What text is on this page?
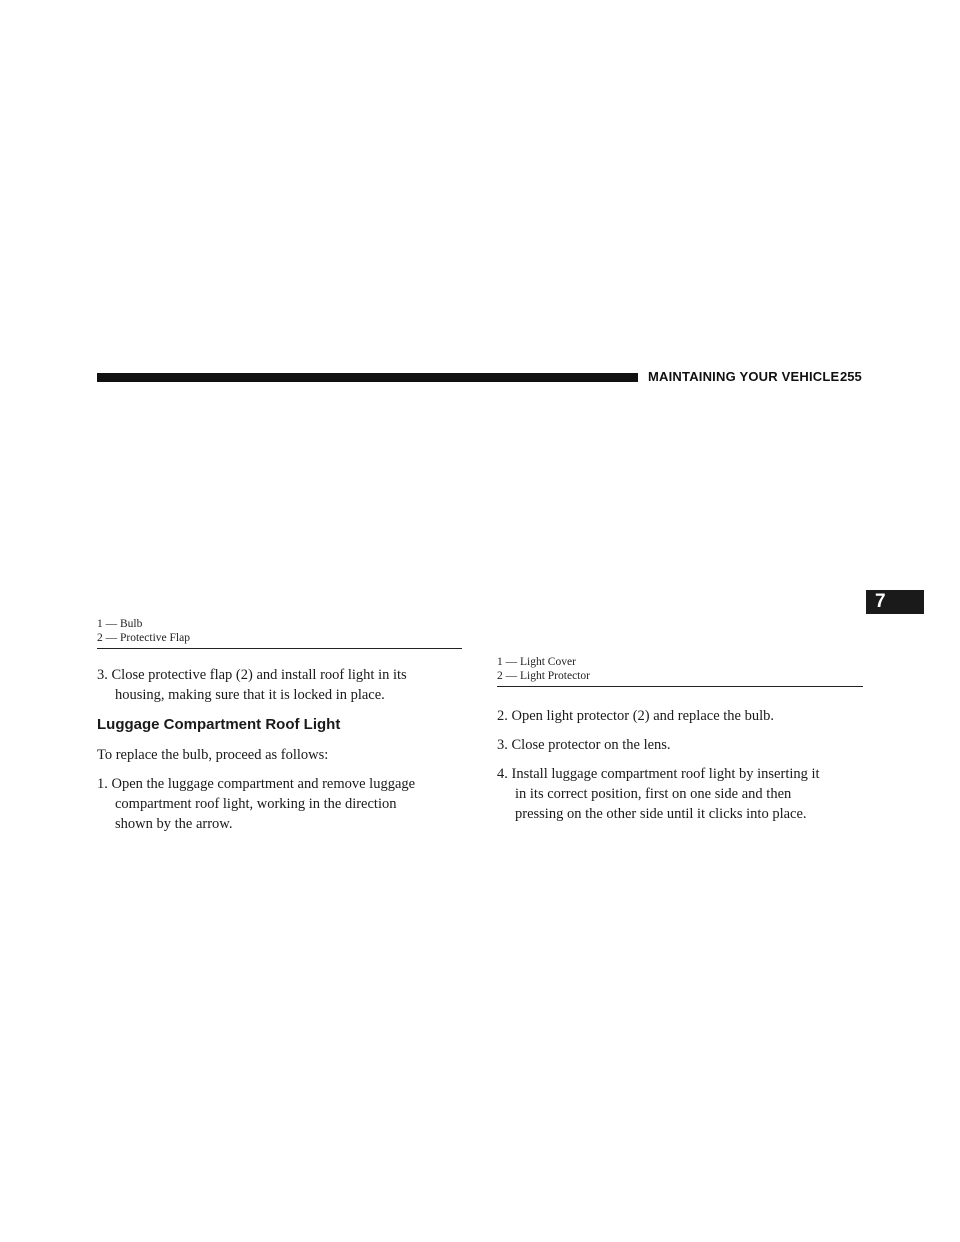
MAINTAINING YOUR VEHICLE 255
7
1 — Bulb
2 — Protective Flap
3. Close protective flap (2) and install roof light in its
housing, making sure that it is locked in place.
Luggage Compartment Roof Light
To replace the bulb, proceed as follows:
1. Open the luggage compartment and remove luggage
compartment roof light, working in the direction
shown by the arrow.
1 — Light Cover
2 — Light Protector
2. Open light protector (2) and replace the bulb.
3. Close protector on the lens.
4. Install luggage compartment roof light by inserting it
in its correct position, first on one side and then
pressing on the other side until it clicks into place.
